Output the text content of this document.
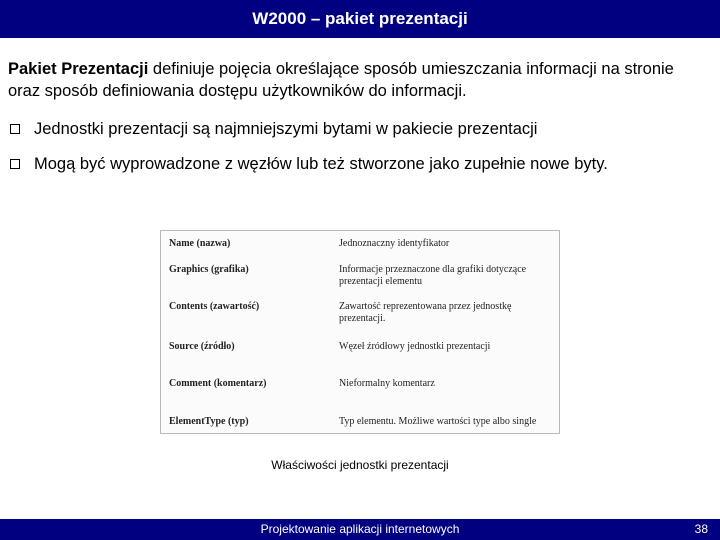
W2000 – pakiet prezentacji
Pakiet Prezentacji definiuje pojęcia określające sposób umieszczania informacji na stronie oraz sposób definiowania dostępu użytkowników do informacji.
Jednostki prezentacji są najmniejszymi bytami w pakiecie prezentacji
Mogą być wyprowadzone z węzłów lub też stworzone jako zupełnie nowe byty.
Name (nazwa)	Jednoznaczny identyfikator
Graphics (grafika)	Informacje przeznaczone dla grafiki dotyczące prezentacji elementu
Contents (zawartość)	Zawartość reprezentowana przez jednostkę prezentacji.
Source (źródło)	Węzeł źródłowy jednostki prezentacji
Comment (komentarz)	Nieformalny komentarz
ElementType (typ)	Typ elementu. Możliwe wartości type albo single
Właściwości jednostki prezentacji
Projektowanie aplikacji internetowych	38
